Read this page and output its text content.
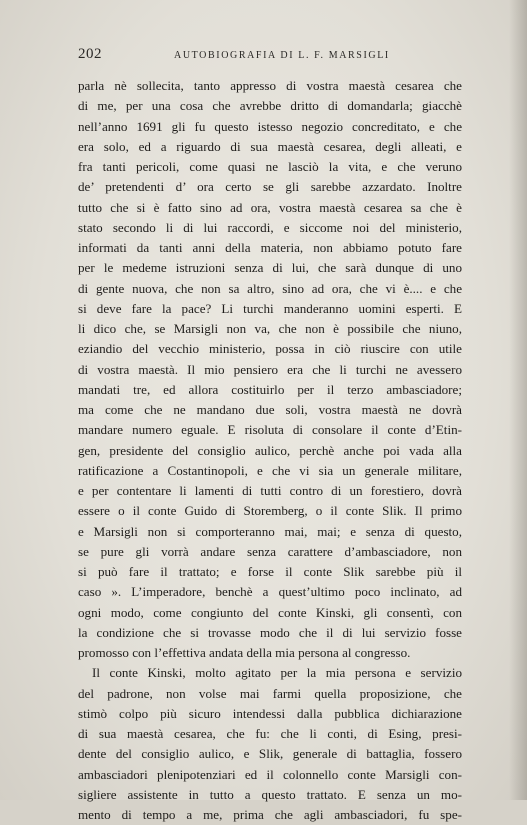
202	AUTOBIOGRAFIA DI L. F. MARSIGLI
parla nè sollecita, tanto appresso di vostra maestà cesarea che
di me, per una cosa che avrebbe dritto di domandarla; giacchè
nell’anno 1691 gli fu questo istesso negozio concreditato, e che
era solo, ed a riguardo di sua maestà cesarea, degli alleati, e
fra tanti pericoli, come quasi ne lasciò la vita, e che veruno
de’ pretendenti d’ ora certo se gli sarebbe azzardato. Inoltre
tutto che si è fatto sino ad ora, vostra maestà cesarea sa che è
stato secondo li di lui raccordi, e siccome noi del ministerio,
informati da tanti anni della materia, non abbiamo potuto fare
per le medeme istruzioni senza di lui, che sarà dunque di uno
di gente nuova, che non sa altro, sino ad ora, che vi è.... e che
si deve fare la pace? Li turchi manderanno uomini esperti. E
li dico che, se Marsigli non va, che non è possibile che niuno,
eziandio del vecchio ministerio, possa in ciò riuscire con utile
di vostra maestà. Il mio pensiero era che li turchi ne avessero
mandati tre, ed allora costituirlo per il terzo ambasciadore;
ma come che ne mandano due soli, vostra maestà ne dovrà
mandare numero eguale. E risoluta di consolare il conte d’Etin-
gen, presidente del consiglio aulico, perchè anche poi vada alla
ratificazione a Costantinopoli, e che vi sia un generale militare,
e per contentare li lamenti di tutti contro di un forestiero, dovrà
essere o il conte Guido di Storemberg, o il conte Slik. Il primo
e Marsigli non si comporteranno mai, mai; e senza di questo,
se pure gli vorrà andare senza carattere d’ambasciadore, non
si può fare il trattato; e forse il conte Slik sarebbe più il
caso ». L’imperadore, benchè a quest’ultimo poco inclinato, ad
ogni modo, come congiunto del conte Kinski, gli consentì, con
la condizione che si trovasse modo che il di lui servizio fosse
promosso con l’effettiva andata della mia persona al congresso.
Il conte Kinski, molto agitato per la mia persona e servizio
del padrone, non volse mai farmi quella proposizione, che
stimò colpo più sicuro intendessi dalla pubblica dichiarazione
di sua maestà cesarea, che fu: che li conti, di Esing, presi-
dente del consiglio aulico, e Slik, generale di battaglia, fossero
ambasciadori plenipotenziari ed il colonnello conte Marsigli con-
sigliere assistente in tutto a questo trattato. E senza un mo-
mento di tempo a me, prima che agli ambasciadori, fu spe-
